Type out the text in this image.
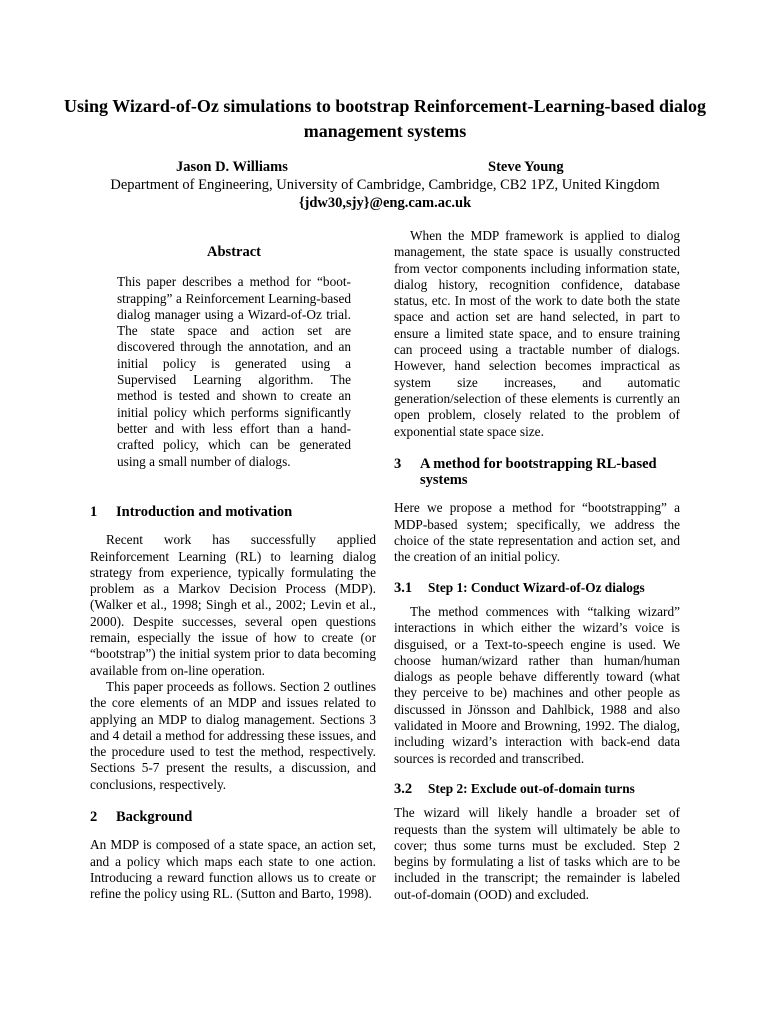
Using Wizard-of-Oz simulations to bootstrap Reinforcement-Learning-based dialog management systems
Jason D. Williams	Steve Young
Department of Engineering, University of Cambridge, Cambridge, CB2 1PZ, United Kingdom
{jdw30,sjy}@eng.cam.ac.uk
Abstract

This paper describes a method for “boot-strapping” a Reinforcement Learning-based dialog manager using a Wizard-of-Oz trial. The state space and action set are discovered through the annotation, and an initial policy is generated using a Supervised Learning algorithm. The method is tested and shown to create an initial policy which performs significantly better and with less effort than a hand-crafted policy, which can be generated using a small number of dialogs.

1	Introduction and motivation

Recent work has successfully applied Reinforcement Learning (RL) to learning dialog strategy from experience, typically formulating the problem as a Markov Decision Process (MDP). (Walker et al., 1998; Singh et al., 2002; Levin et al., 2000). Despite successes, several open questions remain, especially the issue of how to create (or “bootstrap”) the initial system prior to data becoming available from on-line operation.

This paper proceeds as follows. Section 2 outlines the core elements of an MDP and issues related to applying an MDP to dialog management. Sections 3 and 4 detail a method for addressing these issues, and the procedure used to test the method, respectively. Sections 5-7 present the results, a discussion, and conclusions, respectively.

2	Background

An MDP is composed of a state space, an action set, and a policy which maps each state to one action. Introducing a reward function allows us to create or refine the policy using RL. (Sutton and Barto, 1998).

When the MDP framework is applied to dialog management, the state space is usually constructed from vector components including information state, dialog history, recognition confidence, database status, etc. In most of the work to date both the state space and action set are hand selected, in part to ensure a limited state space, and to ensure training can proceed using a tractable number of dialogs. However, hand selection becomes impractical as system size increases, and automatic generation/selection of these elements is currently an open problem, closely related to the problem of exponential state space size.

3	A method for bootstrapping RL-based systems

Here we propose a method for “bootstrapping” a MDP-based system; specifically, we address the choice of the state representation and action set, and the creation of an initial policy.

3.1	Step 1: Conduct Wizard-of-Oz dialogs

The method commences with “talking wizard” interactions in which either the wizard’s voice is disguised, or a Text-to-speech engine is used. We choose human/wizard rather than human/human dialogs as people behave differently toward (what they perceive to be) machines and other people as discussed in Jönsson and Dahlbick, 1988 and also validated in Moore and Browning, 1992. The dialog, including wizard’s interaction with back-end data sources is recorded and transcribed.

3.2	Step 2: Exclude out-of-domain turns

The wizard will likely handle a broader set of requests than the system will ultimately be able to cover; thus some turns must be excluded. Step 2 begins by formulating a list of tasks which are to be included in the transcript; the remainder is labeled out-of-domain (OOD) and excluded.
